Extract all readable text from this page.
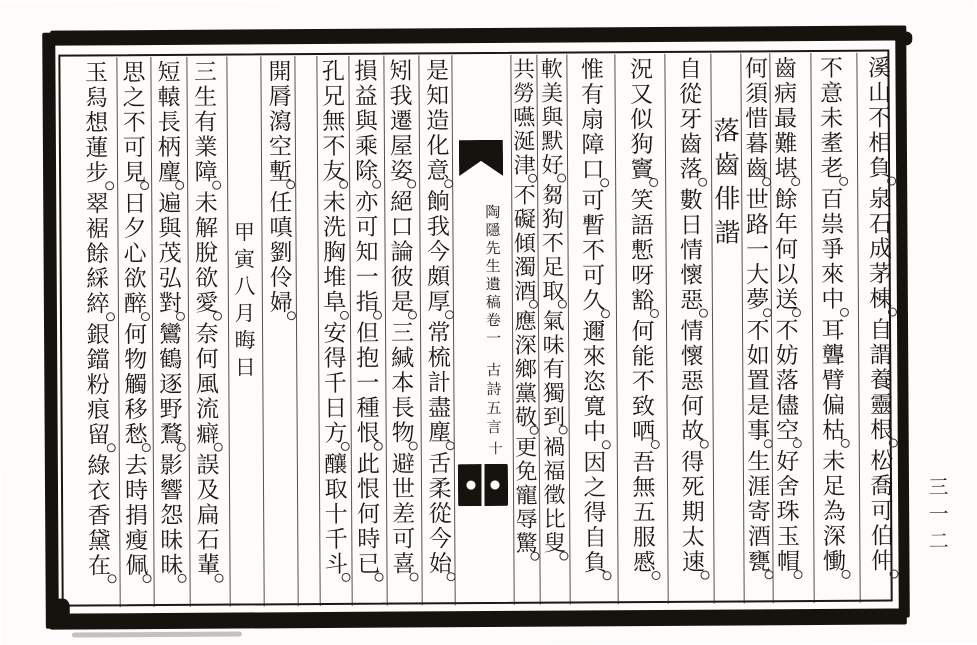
溪
山
不
相
負
泉
石
成
茅
棟
自
謂
養
靈
根
松
喬
可
伯
仲
不
意
未
耊
老
百
祟
爭
來
中
耳
聾
臂
偏
枯
未
足
為
深
慟
齒
病
最
難
堪
餘
年
何
以
送
不
妨
落
儘
空
好
舍
珠
玉
帽
何
須
惜
暮
齒
世
路
一
大
夢
不
如
置
是
事
生
涯
寄
酒
甕
落
齒
俳
諧
自
從
牙
齒
落
數
日
情
懷
惡
情
懷
惡
何
故
得
死
期
太
速
況
又
似
狗
竇
笑
語
慙
呀
豁
何
能
不
致
哂
吾
無
五
服
慼
惟
有
扇
障
口
可
暫
不
可
久
邇
來
恣
寬
中
因
之
得
自
負
軟
美
與
默
好
芻
狗
不
足
取
氣
味
有
獨
到
禍
福
徵
比
叟
共
勞
嚥
涎
津
不
礙
傾
濁
酒
應
深
鄉
黨
敬
更
免
寵
辱
驚
是
知
造
化
意
餉
我
今
頗
厚
常
梳
計
盡
塵
舌
柔
從
今
始
矧
我
遷
屋
姿
絕
口
論
彼
是
三
緘
本
長
物
避
世
差
可
喜
損
益
與
乘
除
亦
可
知
一
指
但
抱
一
種
恨
此
恨
何
時
已
孔
兄
無
不
友
未
洗
胸
堆
阜
安
得
千
日
方
釀
取
十
千
斗
開
脣
瀉
空
塹
任
嗔
劉
伶
婦
甲
寅
八
月
晦
日
三
生
有
業
障
未
解
脫
欲
愛
奈
何
風
流
癖
誤
及
扁
石
輩
短
轅
長
柄
麈
遍
與
茂
弘
對
鸞
鶴
逐
野
鶩
影
響
怨
昧
昧
思
之
不
可
見
日
夕
心
欲
醉
何
物
觸
移
愁
去
時
捐
瘦
佩
玉
舄
想
蓮
步
翠
裾
餘
綵
綷
銀
鐺
粉
痕
留
綠
衣
香
黛
在
陶隱先生遺稿卷一
古詩五言
十
三一二
